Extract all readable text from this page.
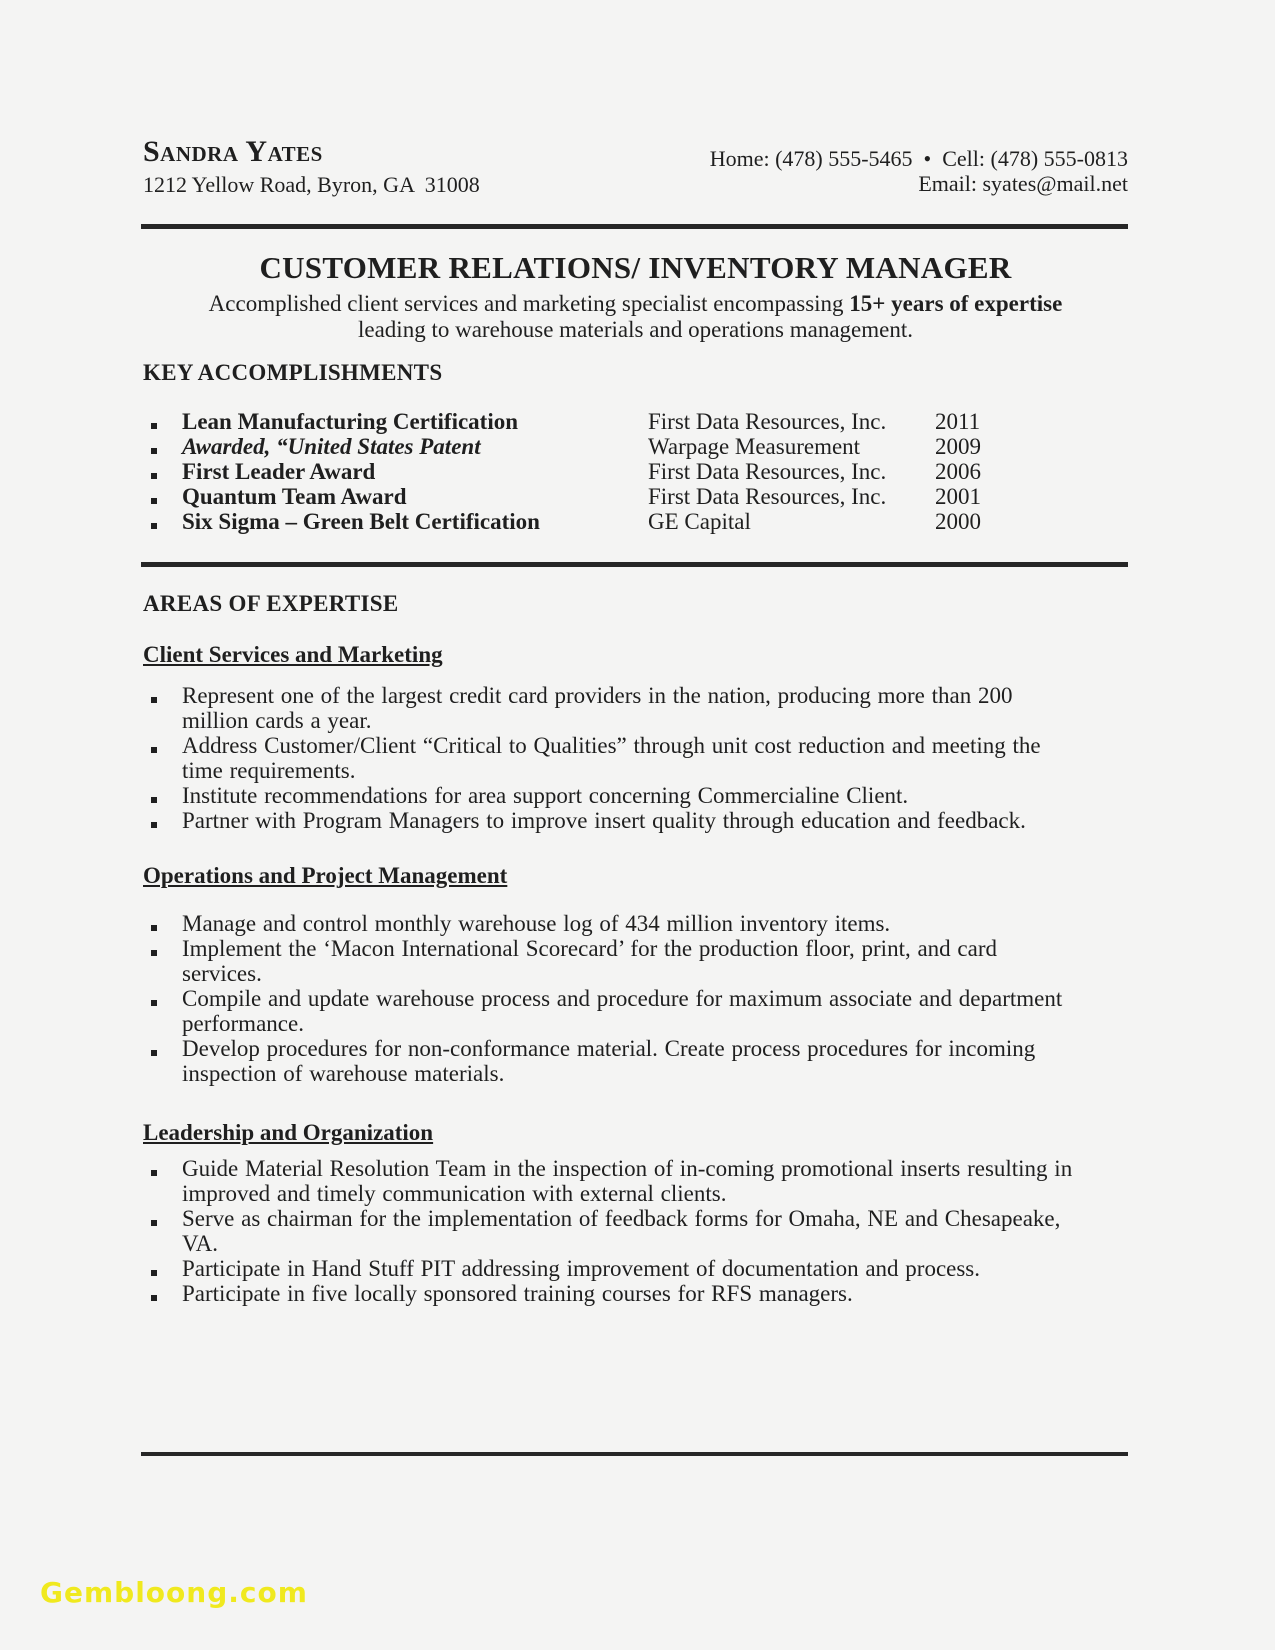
Sandra Yates
1212 Yellow Road, Byron, GA  31008
Home: (478) 555-5465  •  Cell: (478) 555-0813
Email: syates@mail.net
CUSTOMER RELATIONS/ INVENTORY MANAGER
Accomplished client services and marketing specialist encompassing 15+ years of expertise
leading to warehouse materials and operations management.
KEY ACCOMPLISHMENTS
Lean Manufacturing Certification	First Data Resources, Inc.	2011
Awarded, “United States Patent	Warpage Measurement	2009
First Leader Award	First Data Resources, Inc.	2006
Quantum Team Award	First Data Resources, Inc.	2001
Six Sigma – Green Belt Certification	GE Capital	2000
AREAS OF EXPERTISE
Client Services and Marketing
Represent one of the largest credit card providers in the nation, producing more than 200 million cards a year.
Address Customer/Client “Critical to Qualities” through unit cost reduction and meeting the time requirements.
Institute recommendations for area support concerning Commercialine Client.
Partner with Program Managers to improve insert quality through education and feedback.
Operations and Project Management
Manage and control monthly warehouse log of 434 million inventory items.
Implement the ‘Macon International Scorecard’ for the production floor, print, and card services.
Compile and update warehouse process and procedure for maximum associate and department performance.
Develop procedures for non-conformance material. Create process procedures for incoming inspection of warehouse materials.
Leadership and Organization
Guide Material Resolution Team in the inspection of in-coming promotional inserts resulting in improved and timely communication with external clients.
Serve as chairman for the implementation of feedback forms for Omaha, NE and Chesapeake, VA.
Participate in Hand Stuff PIT addressing improvement of documentation and process.
Participate in five locally sponsored training courses for RFS managers.
Gembloong.com
